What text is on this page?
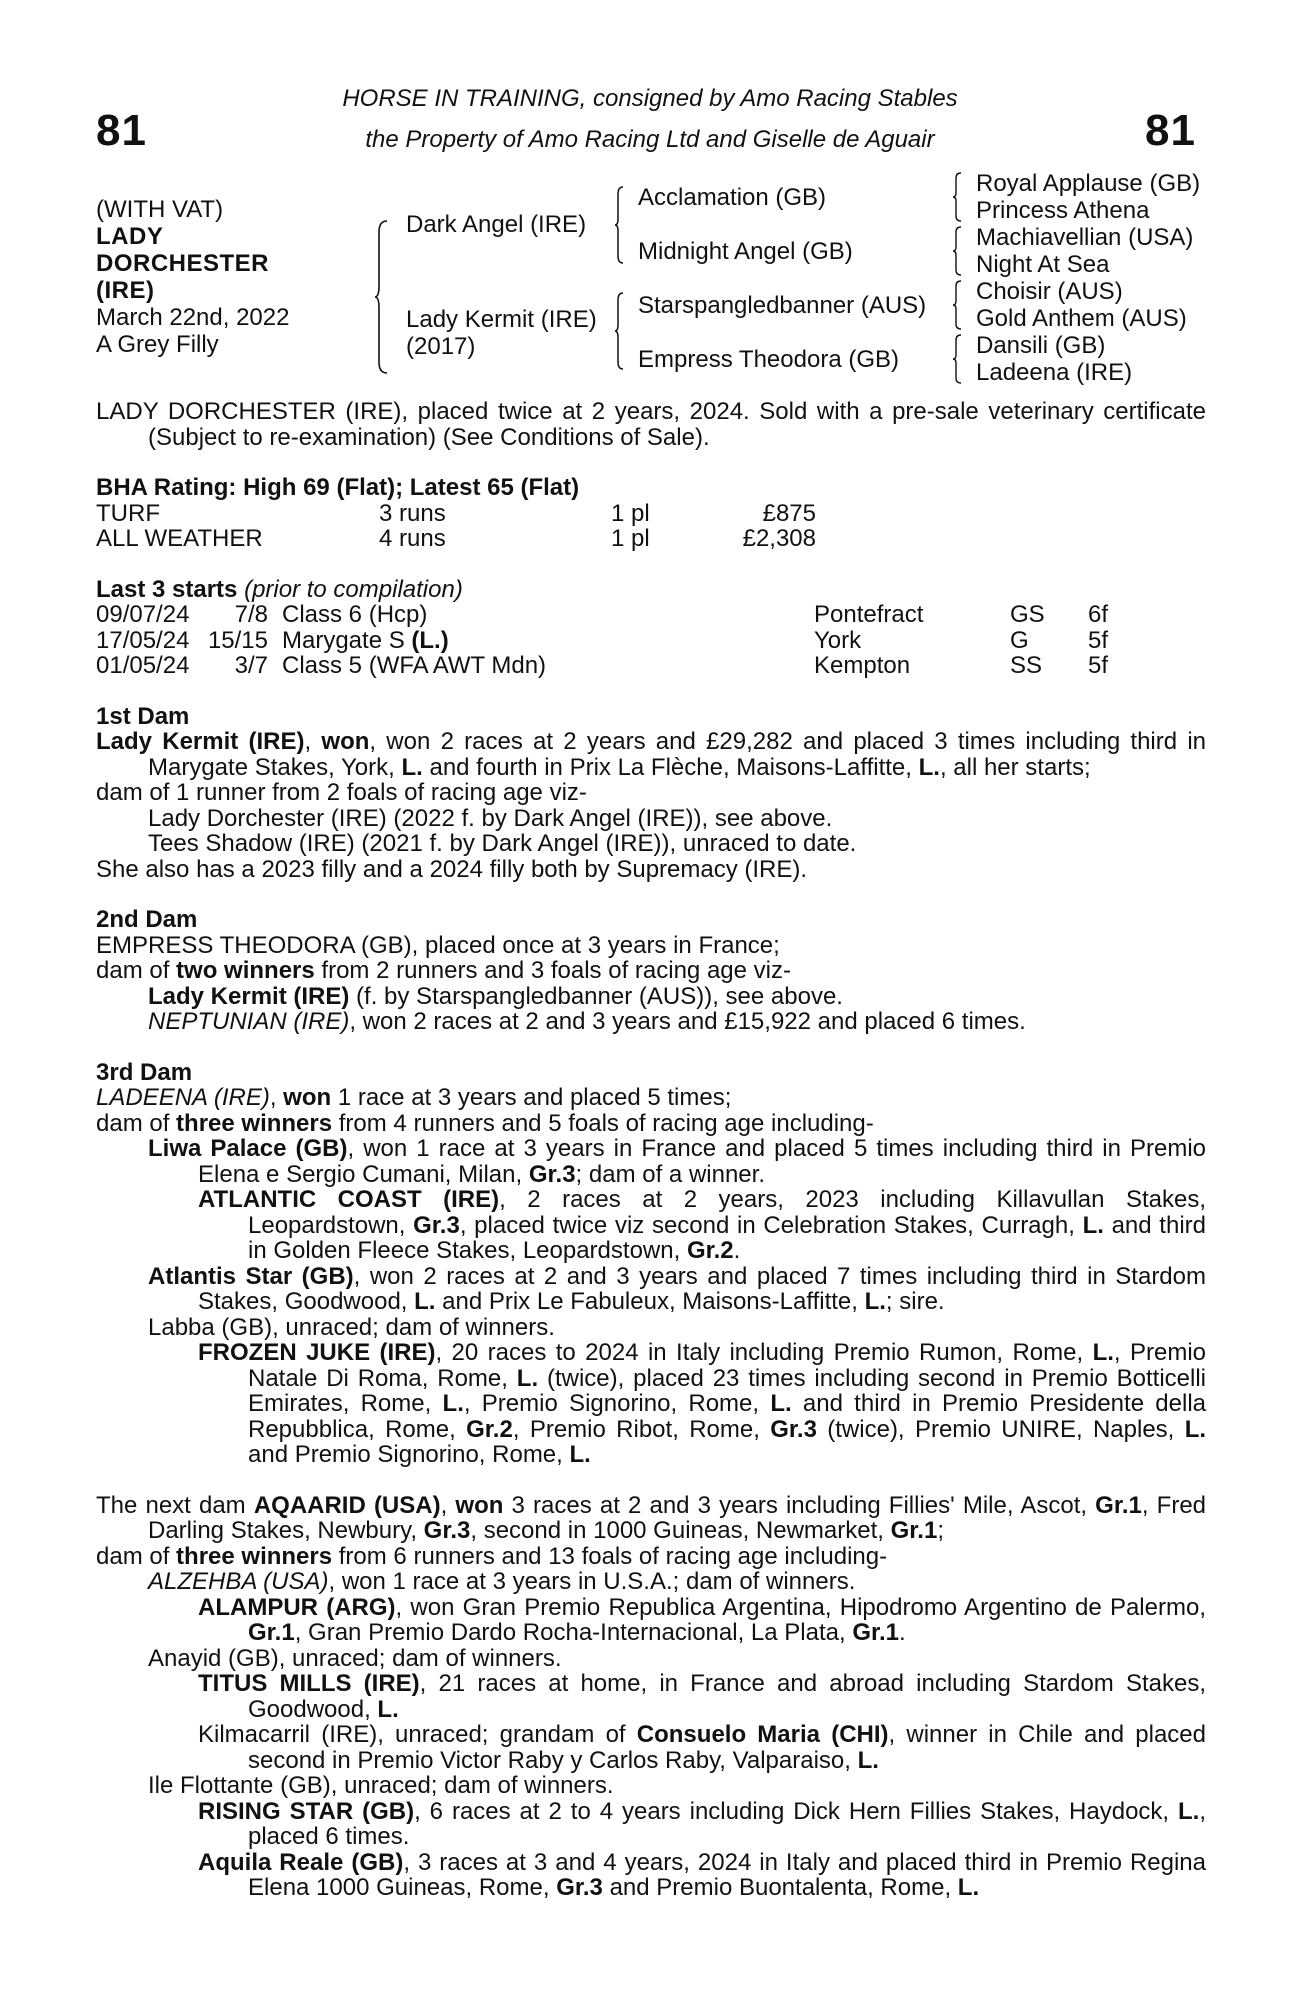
81	81
HORSE IN TRAINING, consigned by Amo Racing Stables
the Property of Amo Racing Ltd and Giselle de Aguair
(WITH VAT)
LADY
DORCHESTER
(IRE)
March 22nd, 2022
A Grey Filly
Dark Angel (IRE)
Lady Kermit (IRE)
(2017)
Acclamation (GB)
Midnight Angel (GB)
Starspangledbanner (AUS)
Empress Theodora (GB)
Royal Applause (GB)
Princess Athena
Machiavellian (USA)
Night At Sea
Choisir (AUS)
Gold Anthem (AUS)
Dansili (GB)
Ladeena (IRE)

LADY DORCHESTER (IRE), placed twice at 2 years, 2024. Sold with a pre-sale veterinary certificate (Subject to re-examination) (See Conditions of Sale).

BHA Rating: High 69 (Flat); Latest 65 (Flat)

TURF	3 runs	1 pl	£875
ALL WEATHER	4 runs	1 pl	£2,308

Last 3 starts (prior to compilation)

09/07/24	7/8	Class 6 (Hcp)	Pontefract	GS	6f
17/05/24	15/15	Marygate S (L.)	York	G	5f
01/05/24	3/7	Class 5 (WFA AWT Mdn)	Kempton	SS	5f

1st Dam

Lady Kermit (IRE), won, won 2 races at 2 years and £29,282 and placed 3 times including third in Marygate Stakes, York, L. and fourth in Prix La Flèche, Maisons-Laffitte, L., all her starts;

dam of 1 runner from 2 foals of racing age viz-

Lady Dorchester (IRE) (2022 f. by Dark Angel (IRE)), see above.

Tees Shadow (IRE) (2021 f. by Dark Angel (IRE)), unraced to date.

She also has a 2023 filly and a 2024 filly both by Supremacy (IRE).

2nd Dam

EMPRESS THEODORA (GB), placed once at 3 years in France;

dam of two winners from 2 runners and 3 foals of racing age viz-

Lady Kermit (IRE) (f. by Starspangledbanner (AUS)), see above.

NEPTUNIAN (IRE), won 2 races at 2 and 3 years and £15,922 and placed 6 times.

3rd Dam

LADEENA (IRE), won 1 race at 3 years and placed 5 times;

dam of three winners from 4 runners and 5 foals of racing age including-

Liwa Palace (GB), won 1 race at 3 years in France and placed 5 times including third in Premio Elena e Sergio Cumani, Milan, Gr.3; dam of a winner.

ATLANTIC COAST (IRE), 2 races at 2 years, 2023 including Killavullan Stakes, Leopardstown, Gr.3, placed twice viz second in Celebration Stakes, Curragh, L. and third in Golden Fleece Stakes, Leopardstown, Gr.2.

Atlantis Star (GB), won 2 races at 2 and 3 years and placed 7 times including third in Stardom Stakes, Goodwood, L. and Prix Le Fabuleux, Maisons-Laffitte, L.; sire.

Labba (GB), unraced; dam of winners.

FROZEN JUKE (IRE), 20 races to 2024 in Italy including Premio Rumon, Rome, L., Premio Natale Di Roma, Rome, L. (twice), placed 23 times including second in Premio Botticelli Emirates, Rome, L., Premio Signorino, Rome, L. and third in Premio Presidente della Repubblica, Rome, Gr.2, Premio Ribot, Rome, Gr.3 (twice), Premio UNIRE, Naples, L. and Premio Signorino, Rome, L.

The next dam AQAARID (USA), won 3 races at 2 and 3 years including Fillies' Mile, Ascot, Gr.1, Fred Darling Stakes, Newbury, Gr.3, second in 1000 Guineas, Newmarket, Gr.1;

dam of three winners from 6 runners and 13 foals of racing age including-

ALZEHBA (USA), won 1 race at 3 years in U.S.A.; dam of winners.

ALAMPUR (ARG), won Gran Premio Republica Argentina, Hipodromo Argentino de Palermo, Gr.1, Gran Premio Dardo Rocha-Internacional, La Plata, Gr.1.

Anayid (GB), unraced; dam of winners.

TITUS MILLS (IRE), 21 races at home, in France and abroad including Stardom Stakes, Goodwood, L.

Kilmacarril (IRE), unraced; grandam of Consuelo Maria (CHI), winner in Chile and placed second in Premio Victor Raby y Carlos Raby, Valparaiso, L.

Ile Flottante (GB), unraced; dam of winners.

RISING STAR (GB), 6 races at 2 to 4 years including Dick Hern Fillies Stakes, Haydock, L., placed 6 times.

Aquila Reale (GB), 3 races at 3 and 4 years, 2024 in Italy and placed third in Premio Regina Elena 1000 Guineas, Rome, Gr.3 and Premio Buontalenta, Rome, L.
